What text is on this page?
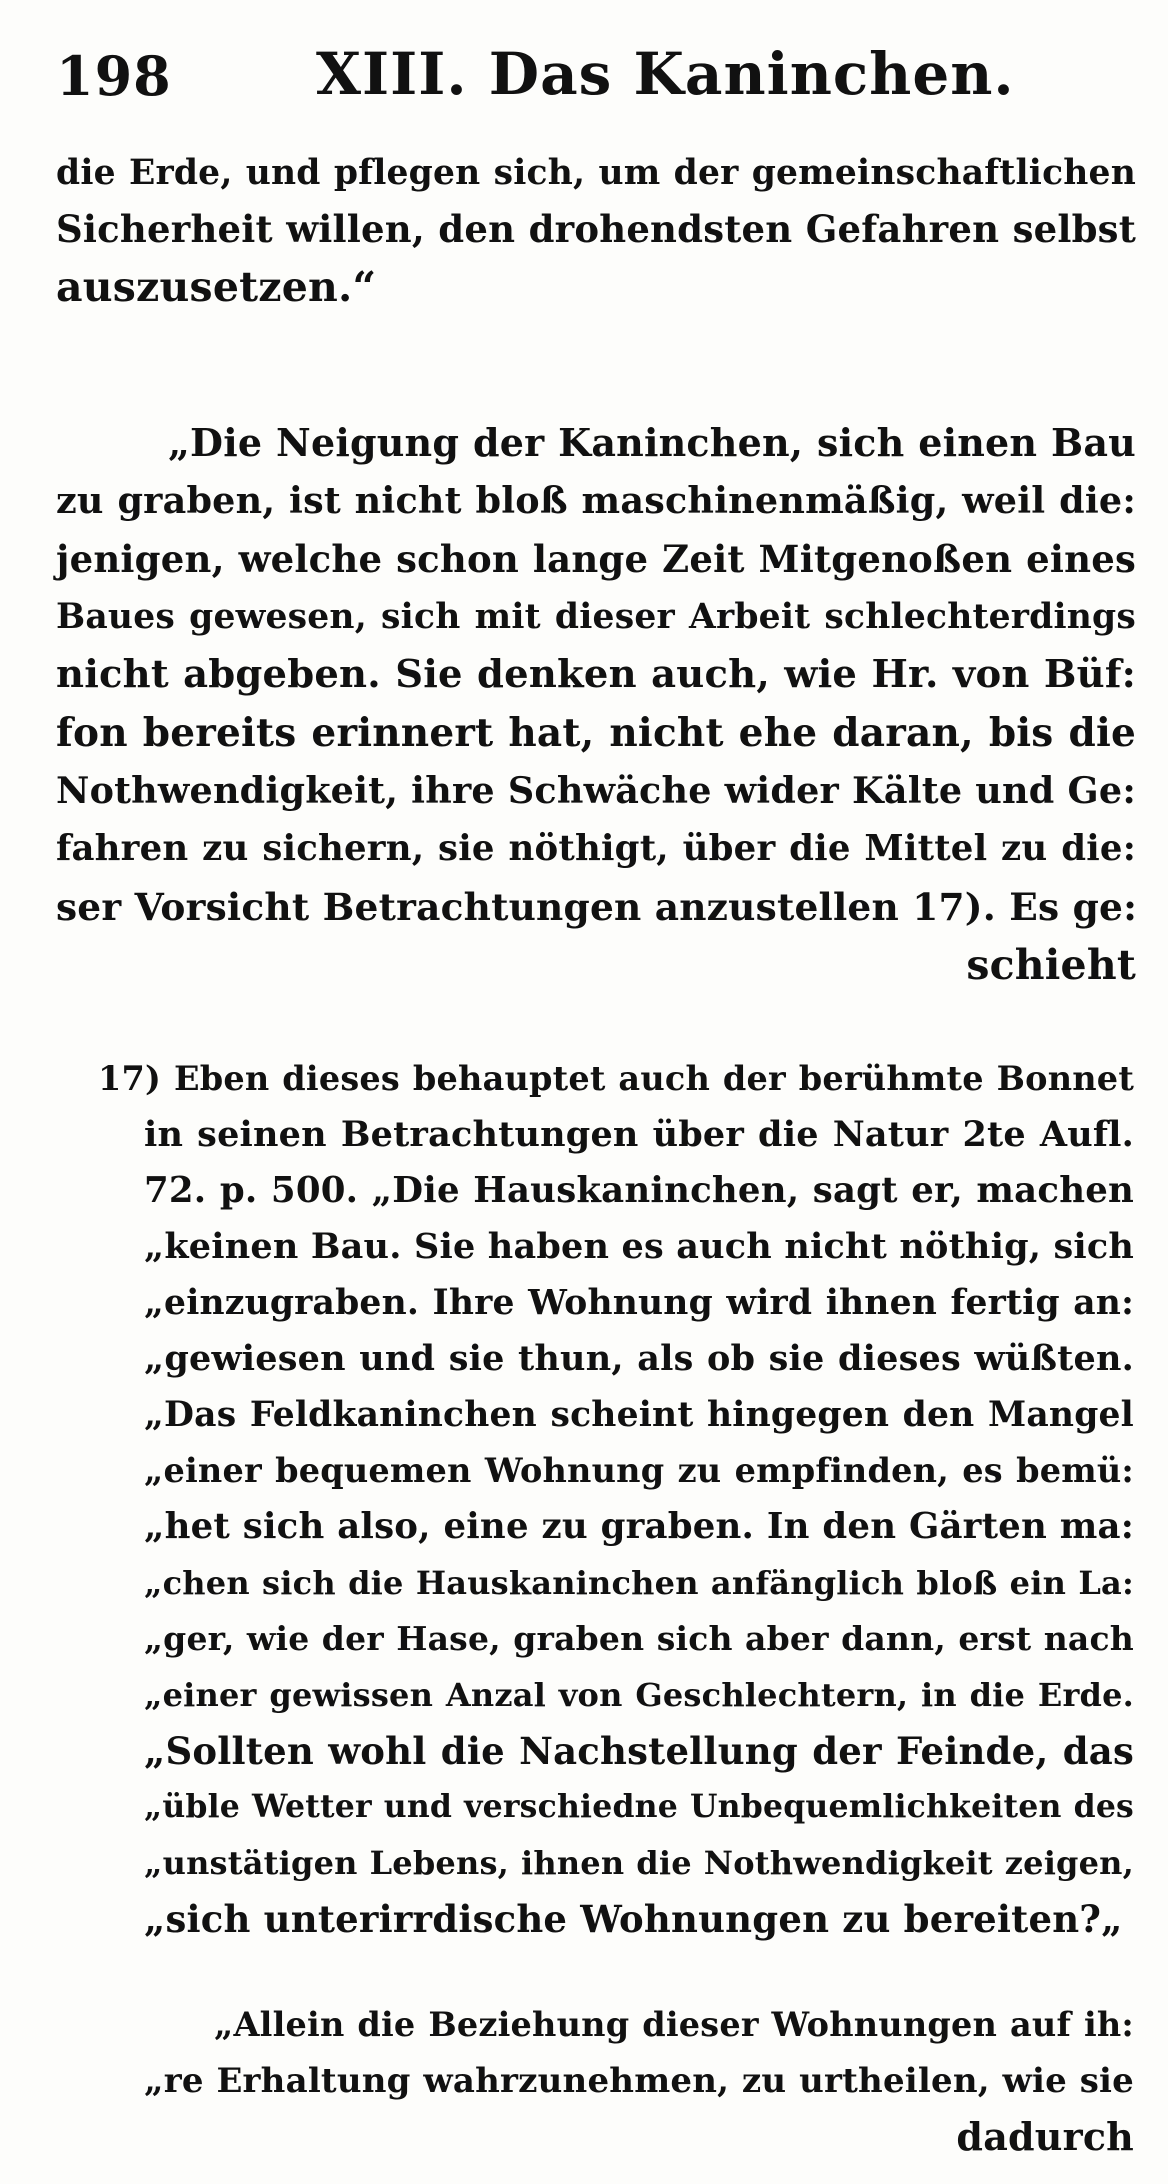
198 XIII. Das Kaninchen.
die Erde, und pflegen sich, um der gemeinschaftlichen
Sicherheit willen, den drohendsten Gefahren selbst
auszusetzen.“
„Die Neigung der Kaninchen, sich einen Bau
zu graben, ist nicht bloß maschinenmäßig, weil die:
jenigen, welche schon lange Zeit Mitgenoßen eines
Baues gewesen, sich mit dieser Arbeit schlechterdings
nicht abgeben. Sie denken auch, wie Hr. von Büf:
fon bereits erinnert hat, nicht ehe daran, bis die
Nothwendigkeit, ihre Schwäche wider Kälte und Ge:
fahren zu sichern, sie nöthigt, über die Mittel zu die:
ser Vorsicht Betrachtungen anzustellen 17). Es ge:
schieht
17) Eben dieses behauptet auch der berühmte Bonnet
in seinen Betrachtungen über die Natur 2te Aufl.
72. p. 500. „Die Hauskaninchen, sagt er, machen
„keinen Bau. Sie haben es auch nicht nöthig, sich
„einzugraben. Ihre Wohnung wird ihnen fertig an:
„gewiesen und sie thun, als ob sie dieses wüßten.
„Das Feldkaninchen scheint hingegen den Mangel
„einer bequemen Wohnung zu empfinden, es bemü:
„het sich also, eine zu graben. In den Gärten ma:
„chen sich die Hauskaninchen anfänglich bloß ein La:
„ger, wie der Hase, graben sich aber dann, erst nach
„einer gewissen Anzal von Geschlechtern, in die Erde.
„Sollten wohl die Nachstellung der Feinde, das
„üble Wetter und verschiedne Unbequemlichkeiten des
„unstätigen Lebens, ihnen die Nothwendigkeit zeigen,
„sich unterirrdische Wohnungen zu bereiten?„
„Allein die Beziehung dieser Wohnungen auf ih:
„re Erhaltung wahrzunehmen, zu urtheilen, wie sie
dadurch
